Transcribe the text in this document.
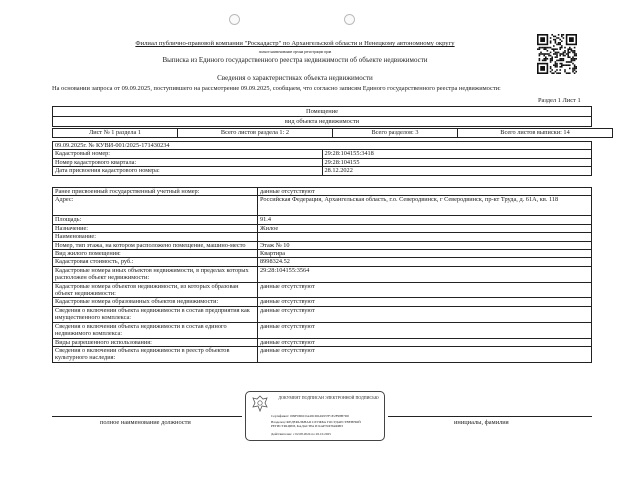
Филиал публично-правовой компании "Роскадастр" по Архангельской области и Ненецкому автономному округу
полное наименование органа регистрации прав
Выписка из Единого государственного реестра недвижимости об объекте недвижимости
Сведения о характеристиках объекта недвижимости
На основании запроса от 09.09.2025, поступившего на рассмотрение 09.09.2025, сообщаем, что согласно записям Единого государственного реестра недвижимости:
Раздел 1 Лист 1
Помещение
вид объекта недвижимости
Лист № 1 раздела 1	Всего листов раздела 1: 2	Всего разделов: 3	Всего листов выписки: 14
09.09.2025г. № КУВИ-001/2025-171430234	
Кадастровый номер:	29:28:104155:3418
Номер кадастрового квартала:	29:28:104155
Дата присвоения кадастрового номера:	28.12.2022
Ранее присвоенный государственный учетный номер:	данные отсутствуют
Адрес:	Российская Федерация, Архангельская область, г.о. Северодвинск, г Северодвинск, пр-кт Труда, д. 61А, кв. 118
Площадь:	91.4
Назначение:	Жилое
Наименование:	
Номер, тип этажа, на котором расположено помещение, машино-место	Этаж № 10
Вид жилого помещения:	Квартира
Кадастровая стоимость, руб.:	8998324.52
Кадастровые номера иных объектов недвижимости, в пределах которых расположен объект недвижимости:	29:28:104155:3564
Кадастровые номера объектов недвижимости, из которых образован объект недвижимости:	данные отсутствуют
Кадастровые номера образованных объектов недвижимости:	данные отсутствуют
Сведения о включении объекта недвижимости в состав предприятия как имущественного комплекса:	данные отсутствуют
Сведения о включении объекта недвижимости в состав единого недвижимого комплекса:	данные отсутствуют
Виды разрешенного использования:	данные отсутствуют
Сведения о включении объекта недвижимости в реестр объектов культурного наследия:	данные отсутствуют
полное наименование должности	инициалы, фамилия
ДОКУМЕНТ ПОДПИСАН ЭЛЕКТРОННОЙ ПОДПИСЬЮ
Сертификат: 009F0D6C0A49CD6A9937F1E2F98B7D0
Владелец: ФЕДЕРАЛЬНАЯ СЛУЖБА ГОСУДАРСТВЕННОЙ РЕГИСТРАЦИИ, КАДАСТРА И КАРТОГРАФИИ
Действителен: с 02.08.2024 по 26.10.2025
